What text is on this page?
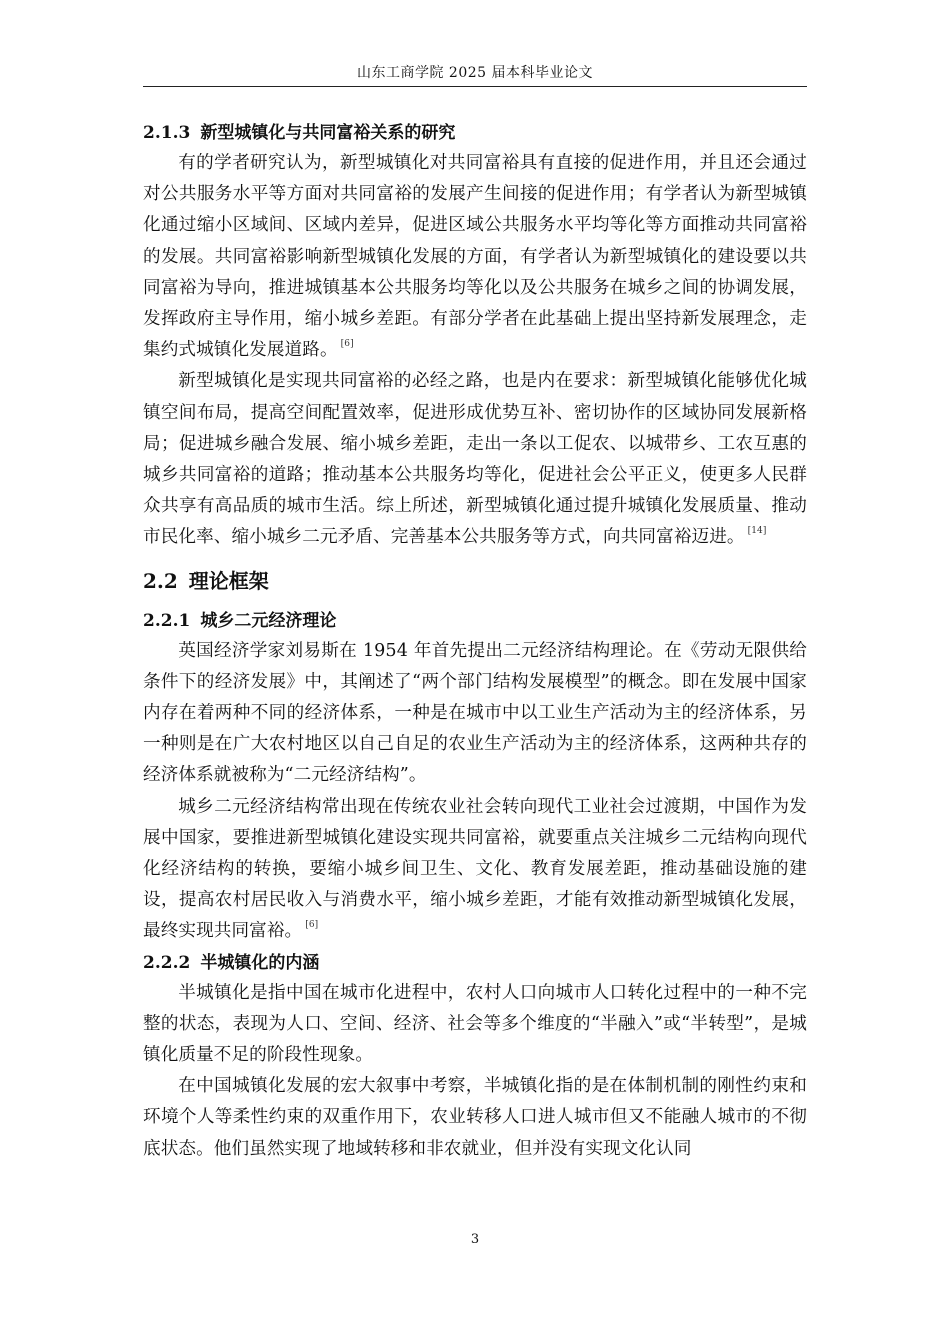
山东工商学院 2025 届本科毕业论文
2.1.3 新型城镇化与共同富裕关系的研究

有的学者研究认为，新型城镇化对共同富裕具有直接的促进作用，并且还会通过对公共服务水平等方面对共同富裕的发展产生间接的促进作用；有学者认为新型城镇化通过缩小区域间、区域内差异，促进区域公共服务水平均等化等方面推动共同富裕的发展。共同富裕影响新型城镇化发展的方面，有学者认为新型城镇化的建设要以共同富裕为导向，推进城镇基本公共服务均等化以及公共服务在城乡之间的协调发展，发挥政府主导作用，缩小城乡差距。有部分学者在此基础上提出坚持新发展理念，走集约式城镇化发展道路。 [6]

新型城镇化是实现共同富裕的必经之路，也是内在要求：新型城镇化能够优化城镇空间布局，提高空间配置效率，促进形成优势互补、密切协作的区域协同发展新格局；促进城乡融合发展、缩小城乡差距，走出一条以工促农、以城带乡、工农互惠的城乡共同富裕的道路；推动基本公共服务均等化，促进社会公平正义，使更多人民群众共享有高品质的城市生活。综上所述，新型城镇化通过提升城镇化发展质量、推动市民化率、缩小城乡二元矛盾、完善基本公共服务等方式，向共同富裕迈进。 [14]

2.2 理论框架
2.2.1 城乡二元经济理论

英国经济学家刘易斯在 1954 年首先提出二元经济结构理论。在《劳动无限供给条件下的经济发展》中，其阐述了“两个部门结构发展模型”的概念。即在发展中国家内存在着两种不同的经济体系，一种是在城市中以工业生产活动为主的经济体系，另一种则是在广大农村地区以自己自足的农业生产活动为主的经济体系，这两种共存的经济体系就被称为“二元经济结构”。

城乡二元经济结构常出现在传统农业社会转向现代工业社会过渡期，中国作为发展中国家，要推进新型城镇化建设实现共同富裕，就要重点关注城乡二元结构向现代化经济结构的转换，要缩小城乡间卫生、文化、教育发展差距，推动基础设施的建设，提高农村居民收入与消费水平，缩小城乡差距，才能有效推动新型城镇化发展，最终实现共同富裕。 [6]

2.2.2 半城镇化的内涵

半城镇化是指中国在城市化进程中，农村人口向城市人口转化过程中的一种不完整的状态，表现为人口、空间、经济、社会等多个维度的“半融入”或“半转型”，是城镇化质量不足的阶段性现象。

在中国城镇化发展的宏大叙事中考察，半城镇化指的是在体制机制的刚性约束和环境个人等柔性约束的双重作用下，农业转移人口进人城市但又不能融人城市的不彻底状态。他们虽然实现了地域转移和非农就业，但并没有实现文化认同

3
